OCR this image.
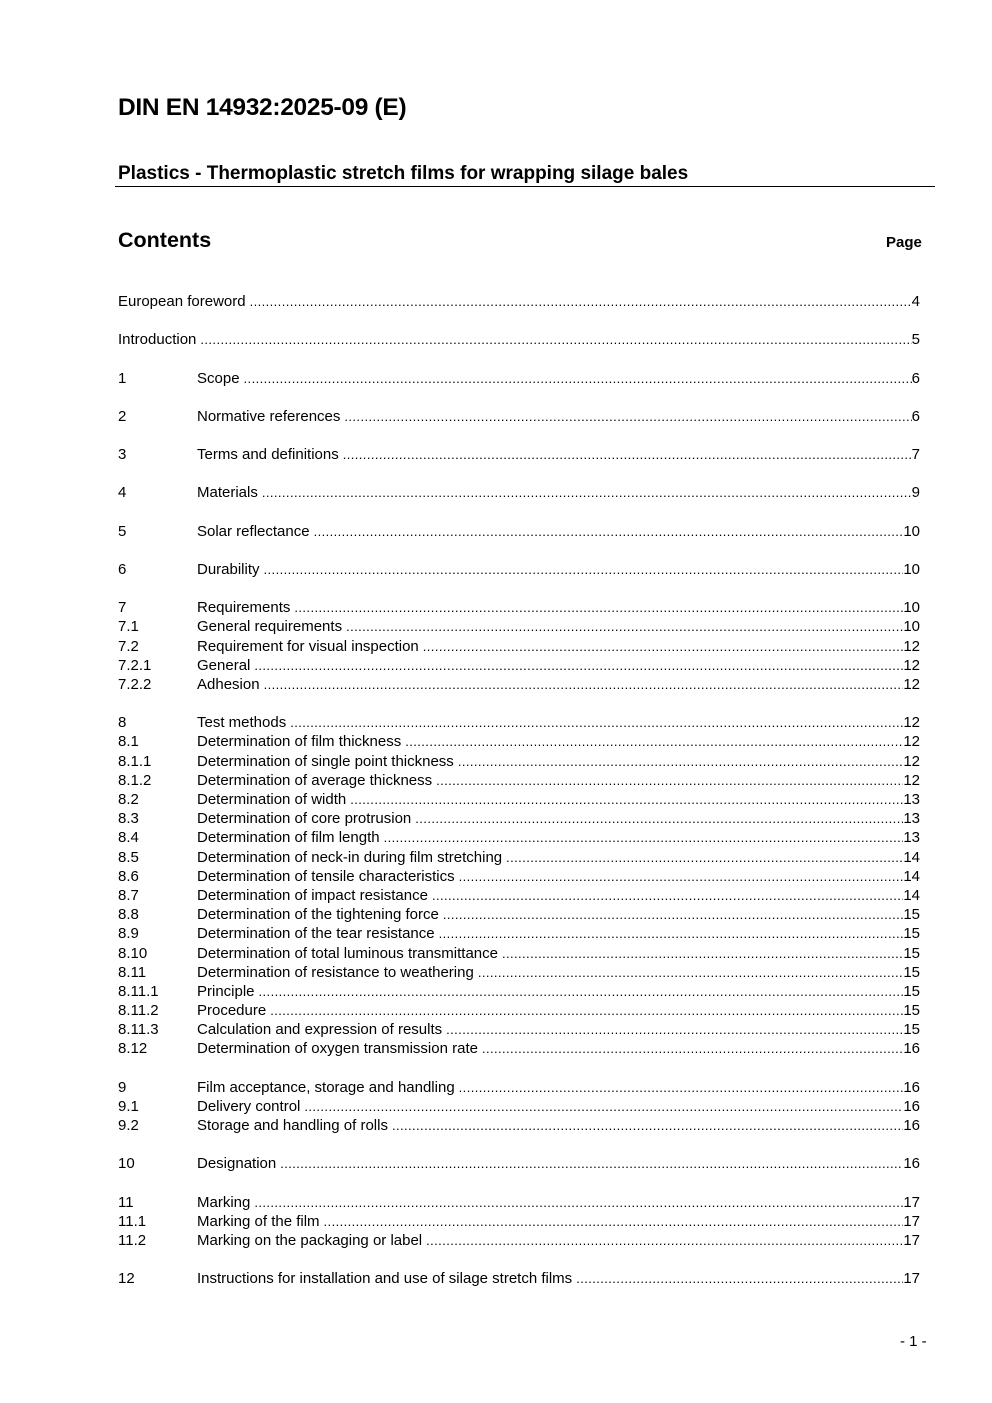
DIN EN 14932:2025-09 (E)
Plastics - Thermoplastic stretch films for wrapping silage bales
Contents	Page
European foreword .....	4
Introduction .....	5
1	Scope .....	6
2	Normative references .....	6
3	Terms and definitions .....	7
4	Materials .....	9
5	Solar reflectance .....	10
6	Durability .....	10
7	Requirements .....	10
7.1	General requirements .....	10
7.2	Requirement for visual inspection .....	12
7.2.1	General .....	12
7.2.2	Adhesion .....	12
8	Test methods .....	12
8.1	Determination of film thickness .....	12
8.1.1	Determination of single point thickness .....	12
8.1.2	Determination of average thickness .....	12
8.2	Determination of width .....	13
8.3	Determination of core protrusion .....	13
8.4	Determination of film length .....	13
8.5	Determination of neck-in during film stretching .....	14
8.6	Determination of tensile characteristics .....	14
8.7	Determination of impact resistance .....	14
8.8	Determination of the tightening force .....	15
8.9	Determination of the tear resistance .....	15
8.10	Determination of total luminous transmittance .....	15
8.11	Determination of resistance to weathering .....	15
8.11.1	Principle .....	15
8.11.2	Procedure .....	15
8.11.3	Calculation and expression of results .....	15
8.12	Determination of oxygen transmission rate .....	16
9	Film acceptance, storage and handling .....	16
9.1	Delivery control .....	16
9.2	Storage and handling of rolls .....	16
10	Designation .....	16
11	Marking .....	17
11.1	Marking of the film .....	17
11.2	Marking on the packaging or label .....	17
12	Instructions for installation and use of silage stretch films .....	17
- 1 -
